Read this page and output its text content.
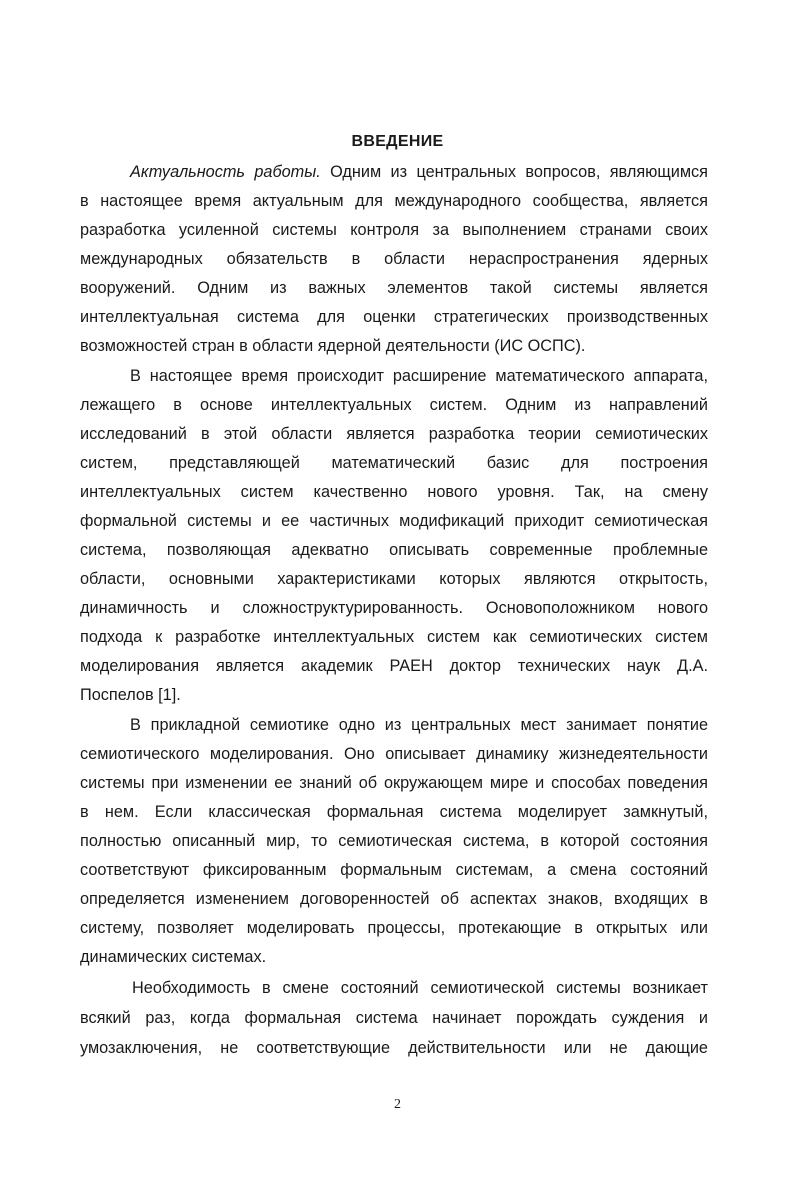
ВВЕДЕНИЕ
Актуальность работы. Одним из центральных вопросов, являющимся
в настоящее время актуальным для международного сообщества, является
разработка усиленной системы контроля за выполнением странами своих
международных обязательств в области нераспространения ядерных
вооружений. Одним из важных элементов такой системы является
интеллектуальная система для оценки стратегических производственных
возможностей стран в области ядерной деятельности (ИС ОСПС).
В настоящее время происходит расширение математического аппарата,
лежащего в основе интеллектуальных систем. Одним из направлений
исследований в этой области является разработка теории семиотических
систем, представляющей математический базис для построения
интеллектуальных систем качественно нового уровня. Так, на смену
формальной системы и ее частичных модификаций приходит семиотическая
система, позволяющая адекватно описывать современные проблемные
области, основными характеристиками которых являются открытость,
динамичность и сложноструктурированность. Основоположником нового
подхода к разработке интеллектуальных систем как семиотических систем
моделирования является академик РАЕН доктор технических наук Д.А.
Поспелов [1].
В прикладной семиотике одно из центральных мест занимает понятие
семиотического моделирования. Оно описывает динамику жизнедеятельности
системы при изменении ее знаний об окружающем мире и способах поведения
в нем. Если классическая формальная система моделирует замкнутый,
полностью описанный мир, то семиотическая система, в которой состояния
соответствуют фиксированным формальным системам, а смена состояний
определяется изменением договоренностей об аспектах знаков, входящих в
систему, позволяет моделировать процессы, протекающие в открытых или
динамических системах.
Необходимость в смене состояний семиотической системы возникает
всякий раз, когда формальная система начинает порождать суждения и
умозаключения, не соответствующие действительности или не дающие
2
